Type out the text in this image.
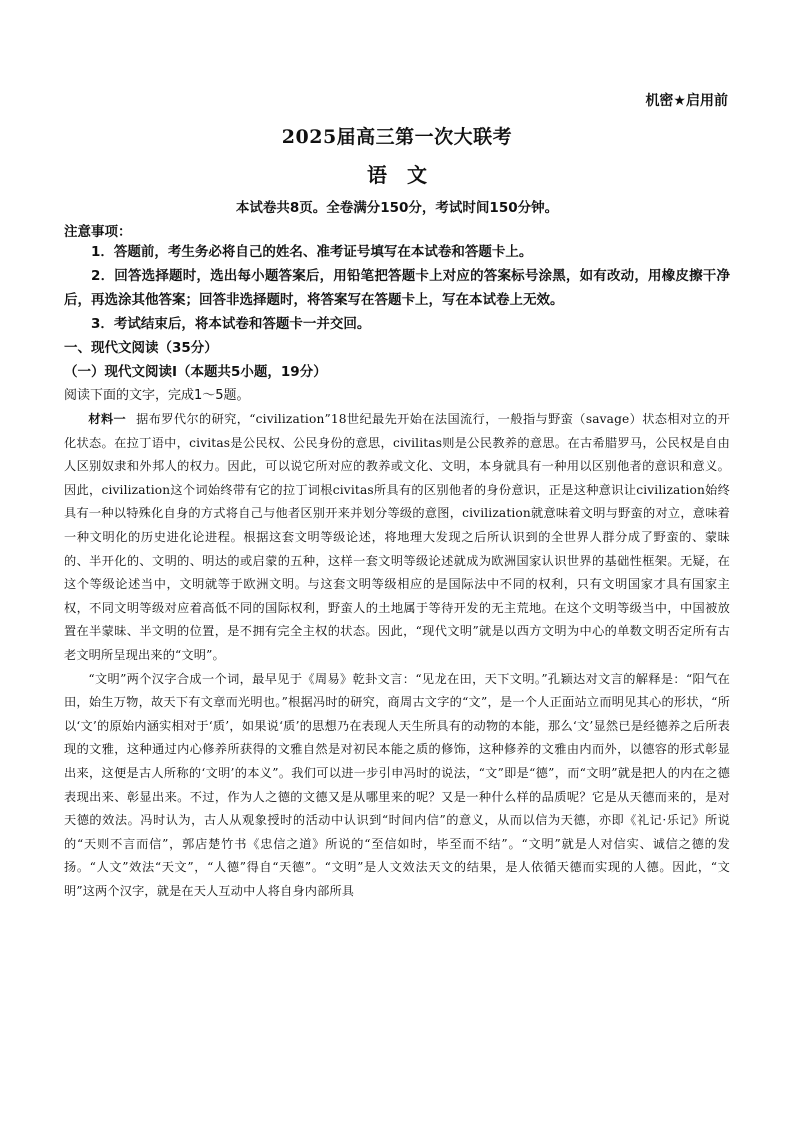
机密★启用前
2025届高三第一次大联考
语　文
本试卷共8页。全卷满分150分，考试时间150分钟。
注意事项：

1．答题前，考生务必将自己的姓名、准考证号填写在本试卷和答题卡上。

2．回答选择题时，选出每小题答案后，用铅笔把答题卡上对应的答案标号涂黑，如有改动，用橡皮擦干净后，再选涂其他答案；回答非选择题时，将答案写在答题卡上，写在本试卷上无效。

3．考试结束后，将本试卷和答题卡一并交回。

一、现代文阅读（35分）

（一）现代文阅读Ⅰ（本题共5小题，19分）

阅读下面的文字，完成1～5题。

材料一 据布罗代尔的研究，“civilization”18世纪最先开始在法国流行，一般指与野蛮（savage）状态相对立的开化状态。在拉丁语中，civitas是公民权、公民身份的意思，civilitas则是公民教养的意思。在古希腊罗马，公民权是自由人区别奴隶和外邦人的权力。因此，可以说它所对应的教养或文化、文明，本身就具有一种用以区别他者的意识和意义。因此，civilization这个词始终带有它的拉丁词根civitas所具有的区别他者的身份意识，正是这种意识让civilization始终具有一种以特殊化自身的方式将自己与他者区别开来并划分等级的意图，civilization就意味着文明与野蛮的对立，意味着一种文明化的历史进化论进程。根据这套文明等级论述，将地理大发现之后所认识到的全世界人群分成了野蛮的、蒙昧的、半开化的、文明的、明达的或启蒙的五种，这样一套文明等级论述就成为欧洲国家认识世界的基础性框架。无疑，在这个等级论述当中，文明就等于欧洲文明。与这套文明等级相应的是国际法中不同的权利，只有文明国家才具有国家主权，不同文明等级对应着高低不同的国际权利，野蛮人的土地属于等待开发的无主荒地。在这个文明等级当中，中国被放置在半蒙昧、半文明的位置，是不拥有完全主权的状态。因此，“现代文明”就是以西方文明为中心的单数文明否定所有古老文明所呈现出来的“文明”。

“文明”两个汉字合成一个词，最早见于《周易》乾卦文言：“见龙在田，天下文明。”孔颖达对文言的解释是：“阳气在田，始生万物，故天下有文章而光明也。”根据冯时的研究，商周古文字的“文”，是一个人正面站立而明见其心的形状，“所以‘文’的原始内涵实相对于‘质’，如果说‘质’的思想乃在表现人天生所具有的动物的本能，那么‘文’显然已是经德养之后所表现的文雅，这种通过内心修养所获得的文雅自然是对初民本能之质的修饰，这种修养的文雅由内而外，以德容的形式彰显出来，这便是古人所称的‘文明’的本义”。我们可以进一步引申冯时的说法，“文”即是“德”，而“文明”就是把人的内在之德表现出来、彰显出来。不过，作为人之德的文德又是从哪里来的呢？又是一种什么样的品质呢？它是从天德而来的，是对天德的效法。冯时认为，古人从观象授时的活动中认识到“时间内信”的意义，从而以信为天德，亦即《礼记·乐记》所说的“天则不言而信”，郭店楚竹书《忠信之道》所说的“至信如时，毕至而不结”。“文明”就是人对信实、诚信之德的发扬。“人文”效法“天文”，“人德”得自“天德”。“文明”是人文效法天文的结果，是人依循天德而实现的人德。因此，“文明”这两个汉字，就是在天人互动中人将自身内部所具
